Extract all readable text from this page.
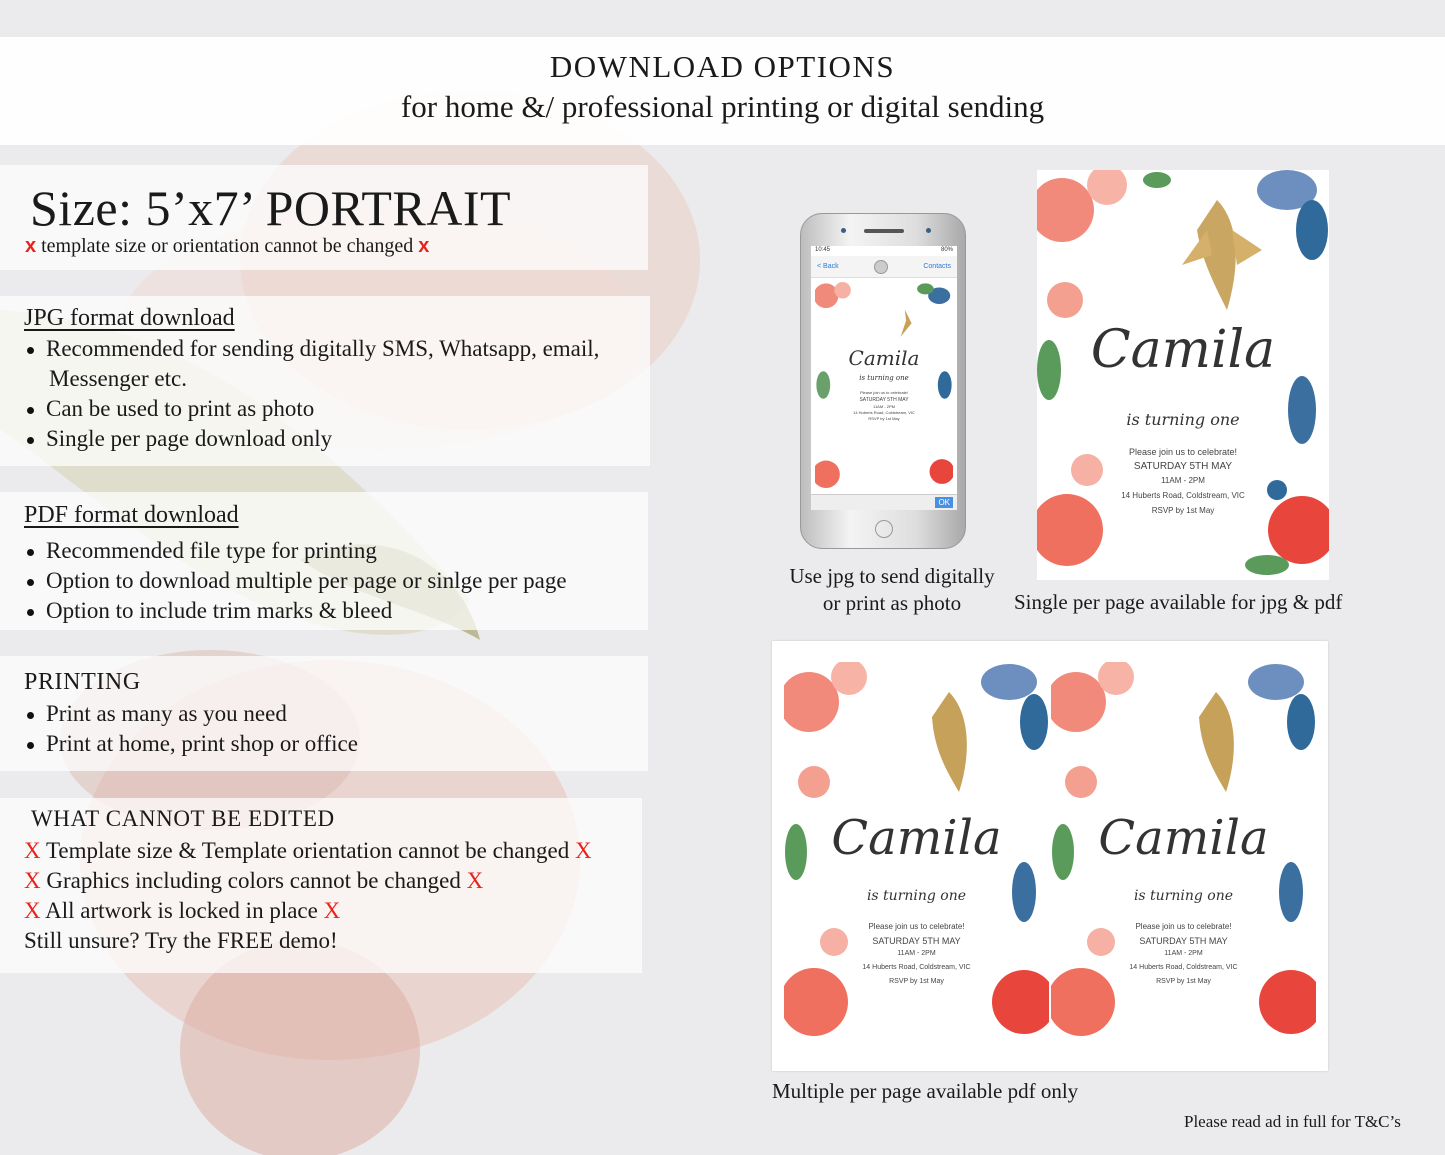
DOWNLOAD OPTIONS
for home &/ professional printing or digital sending
Size: 5’x7’ PORTRAIT
x template size or orientation cannot be changed x
JPG format download
Recommended for sending digitally SMS, Whatsapp, email,
Messenger etc.
Can be used to print as photo
Single per page download only
PDF format download
Recommended file type for printing
Option to download multiple per page or sinlge per page
Option to include trim marks & bleed
PRINTING
Print as many as you need
Print at home, print shop or office
WHAT CANNOT BE EDITED
X Template size & Template orientation cannot be changed X
X Graphics including colors cannot be changed X
X All artwork is locked in place X
Still unsure? Try the FREE demo!
10:45	80%
< Back	Contacts
Camila
is turning one
Please join us to celebrate!
SATURDAY 5TH MAY
11AM - 2PM
14 Huberts Road, Coldstream, VIC
RSVP by 1st May
OK
Use jpg to send digitally
or print as photo
Camila
is turning one
Please join us to celebrate!
SATURDAY 5TH MAY
11AM - 2PM
14 Huberts Road, Coldstream, VIC
RSVP by 1st May
Single per page available for jpg & pdf
Camila
is turning one
Please join us to celebrate!
SATURDAY 5TH MAY
11AM - 2PM
14 Huberts Road, Coldstream, VIC
RSVP by 1st May
Camila
is turning one
Please join us to celebrate!
SATURDAY 5TH MAY
11AM - 2PM
14 Huberts Road, Coldstream, VIC
RSVP by 1st May
Multiple per page available pdf only
Please read ad in full for T&C’s
